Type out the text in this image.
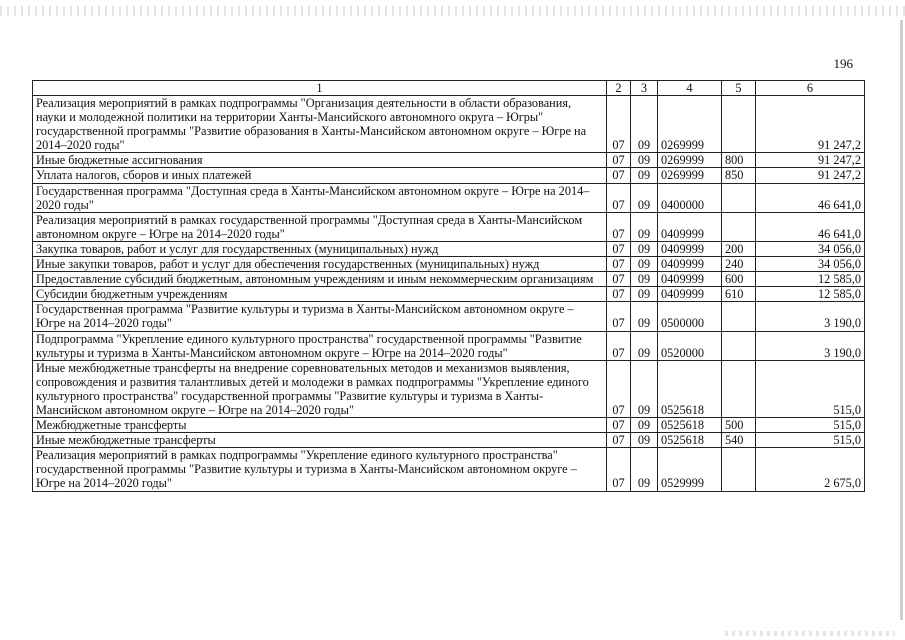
196
1	2	3	4	5	6
Реализация мероприятий в рамках подпрограммы "Организация деятельности в области образования, науки и молодежной политики на территории Ханты-Мансийского автономного округа – Югры" государственной программы "Развитие образования в Ханты-Мансийском автономном округе – Югре на 2014–2020 годы"	07	09	0269999		91 247,2
Иные бюджетные ассигнования	07	09	0269999	800	91 247,2
Уплата налогов, сборов и иных платежей	07	09	0269999	850	91 247,2
Государственная программа "Доступная среда в Ханты-Мансийском автономном округе – Югре на 2014–2020 годы"	07	09	0400000		46 641,0
Реализация мероприятий в рамках государственной программы "Доступная среда в Ханты-Мансийском автономном округе – Югре на 2014–2020 годы"	07	09	0409999		46 641,0
Закупка товаров, работ и услуг для государственных (муниципальных) нужд	07	09	0409999	200	34 056,0
Иные закупки товаров, работ и услуг для обеспечения государственных (муниципальных) нужд	07	09	0409999	240	34 056,0
Предоставление субсидий бюджетным, автономным учреждениям и иным некоммерческим организациям	07	09	0409999	600	12 585,0
Субсидии бюджетным учреждениям	07	09	0409999	610	12 585,0
Государственная программа "Развитие культуры и туризма в Ханты-Мансийском автономном округе – Югре на 2014–2020 годы"	07	09	0500000		3 190,0
Подпрограмма "Укрепление единого культурного пространства" государственной программы "Развитие культуры и туризма в Ханты-Мансийском автономном округе – Югре на 2014–2020 годы"	07	09	0520000		3 190,0
Иные межбюджетные трансферты на внедрение соревновательных методов и механизмов выявления, сопровождения и развития талантливых детей и молодежи в рамках подпрограммы "Укрепление единого культурного пространства" государственной программы "Развитие культуры и туризма в Ханты-Мансийском автономном округе – Югре на 2014–2020 годы"	07	09	0525618		515,0
Межбюджетные трансферты	07	09	0525618	500	515,0
Иные межбюджетные трансферты	07	09	0525618	540	515,0
Реализация мероприятий в рамках подпрограммы "Укрепление единого культурного пространства" государственной программы "Развитие культуры и туризма в Ханты-Мансийском автономном округе – Югре на 2014–2020 годы"	07	09	0529999		2 675,0
